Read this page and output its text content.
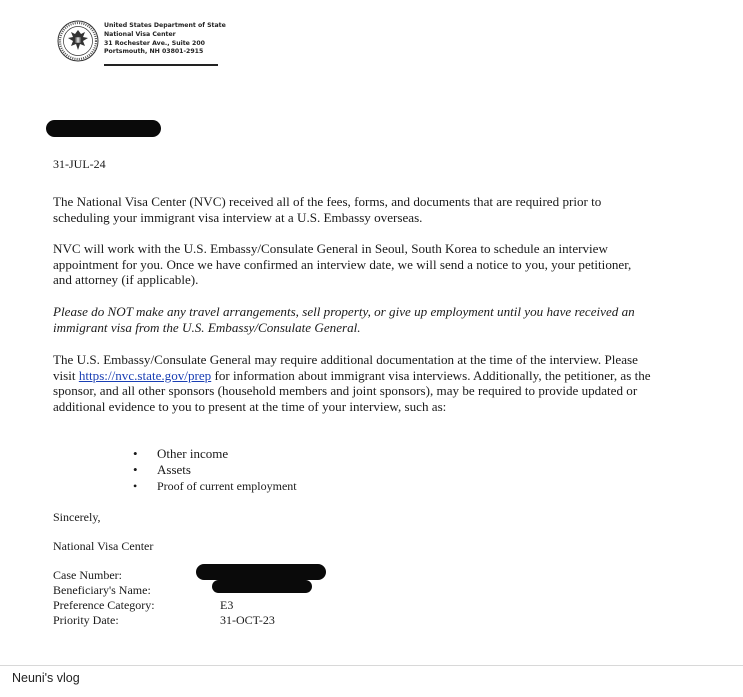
United States Department of State
National Visa Center
31 Rochester Ave., Suite 200
Portsmouth, NH 03801-2915
31-JUL-24
The National Visa Center (NVC) received all of the fees, forms, and documents that are required prior to scheduling your immigrant visa interview at a U.S. Embassy overseas.
NVC will work with the U.S. Embassy/Consulate General in Seoul, South Korea to schedule an interview appointment for you. Once we have confirmed an interview date, we will send a notice to you, your petitioner, and attorney (if applicable).
Please do NOT make any travel arrangements, sell property, or give up employment until you have received an immigrant visa from the U.S. Embassy/Consulate General.
The U.S. Embassy/Consulate General may require additional documentation at the time of the interview. Please visit https://nvc.state.gov/prep for information about immigrant visa interviews. Additionally, the petitioner, as the sponsor, and all other sponsors (household members and joint sponsors), may be required to provide updated or additional evidence to you to present at the time of your interview, such as:
• Other income
• Assets
• Proof of current employment
Sincerely,
National Visa Center
Case Number:
Beneficiary's Name:
Preference Category:	E3
Priority Date:	31-OCT-23
Neuni's vlog
